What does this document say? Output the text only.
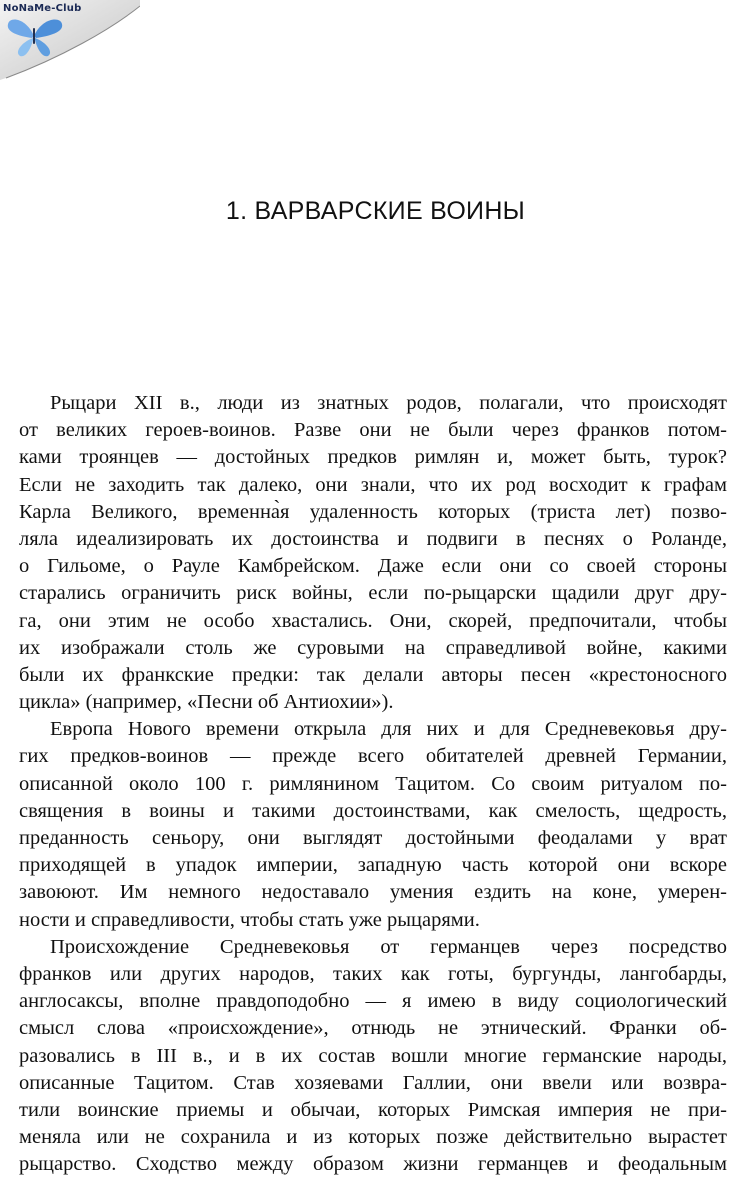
NoNaMe-Club
1. ВАРВАРСКИЕ ВОИНЫ
Рыцари XII в., люди из знатных родов, полагали, что происходят
от великих героев-воинов. Разве они не были через франков потом-
ками троянцев — достойных предков римлян и, может быть, турок?
Если не заходить так далеко, они знали, что их род восходит к графам
Карла Великого, временна̀я удаленность которых (триста лет) позво-
ляла идеализировать их достоинства и подвиги в песнях о Роланде,
о Гильоме, о Рауле Камбрейском. Даже если они со своей стороны
старались ограничить риск войны, если по-рыцарски щадили друг дру-
га, они этим не особо хвастались. Они, скорей, предпочитали, чтобы
их изображали столь же суровыми на справедливой войне, какими
были их франкские предки: так делали авторы песен «крестоносного
цикла» (например, «Песни об Антиохии»).
Европа Нового времени открыла для них и для Средневековья дру-
гих предков-воинов — прежде всего обитателей древней Германии,
описанной около 100 г. римлянином Тацитом. Со своим ритуалом по-
священия в воины и такими достоинствами, как смелость, щедрость,
преданность сеньору, они выглядят достойными феодалами у врат
приходящей в упадок империи, западную часть которой они вскоре
завоюют. Им немного недоставало умения ездить на коне, умерен-
ности и справедливости, чтобы стать уже рыцарями.
Происхождение Средневековья от германцев через посредство
франков или других народов, таких как готы, бургунды, лангобарды,
англосаксы, вполне правдоподобно — я имею в виду социологический
смысл слова «происхождение», отнюдь не этнический. Франки об-
разовались в III в., и в их состав вошли многие германские народы,
описанные Тацитом. Став хозяевами Галлии, они ввели или возвра-
тили воинские приемы и обычаи, которых Римская империя не при-
меняла или не сохранила и из которых позже действительно вырастет
рыцарство. Сходство между образом жизни германцев и феодальным
